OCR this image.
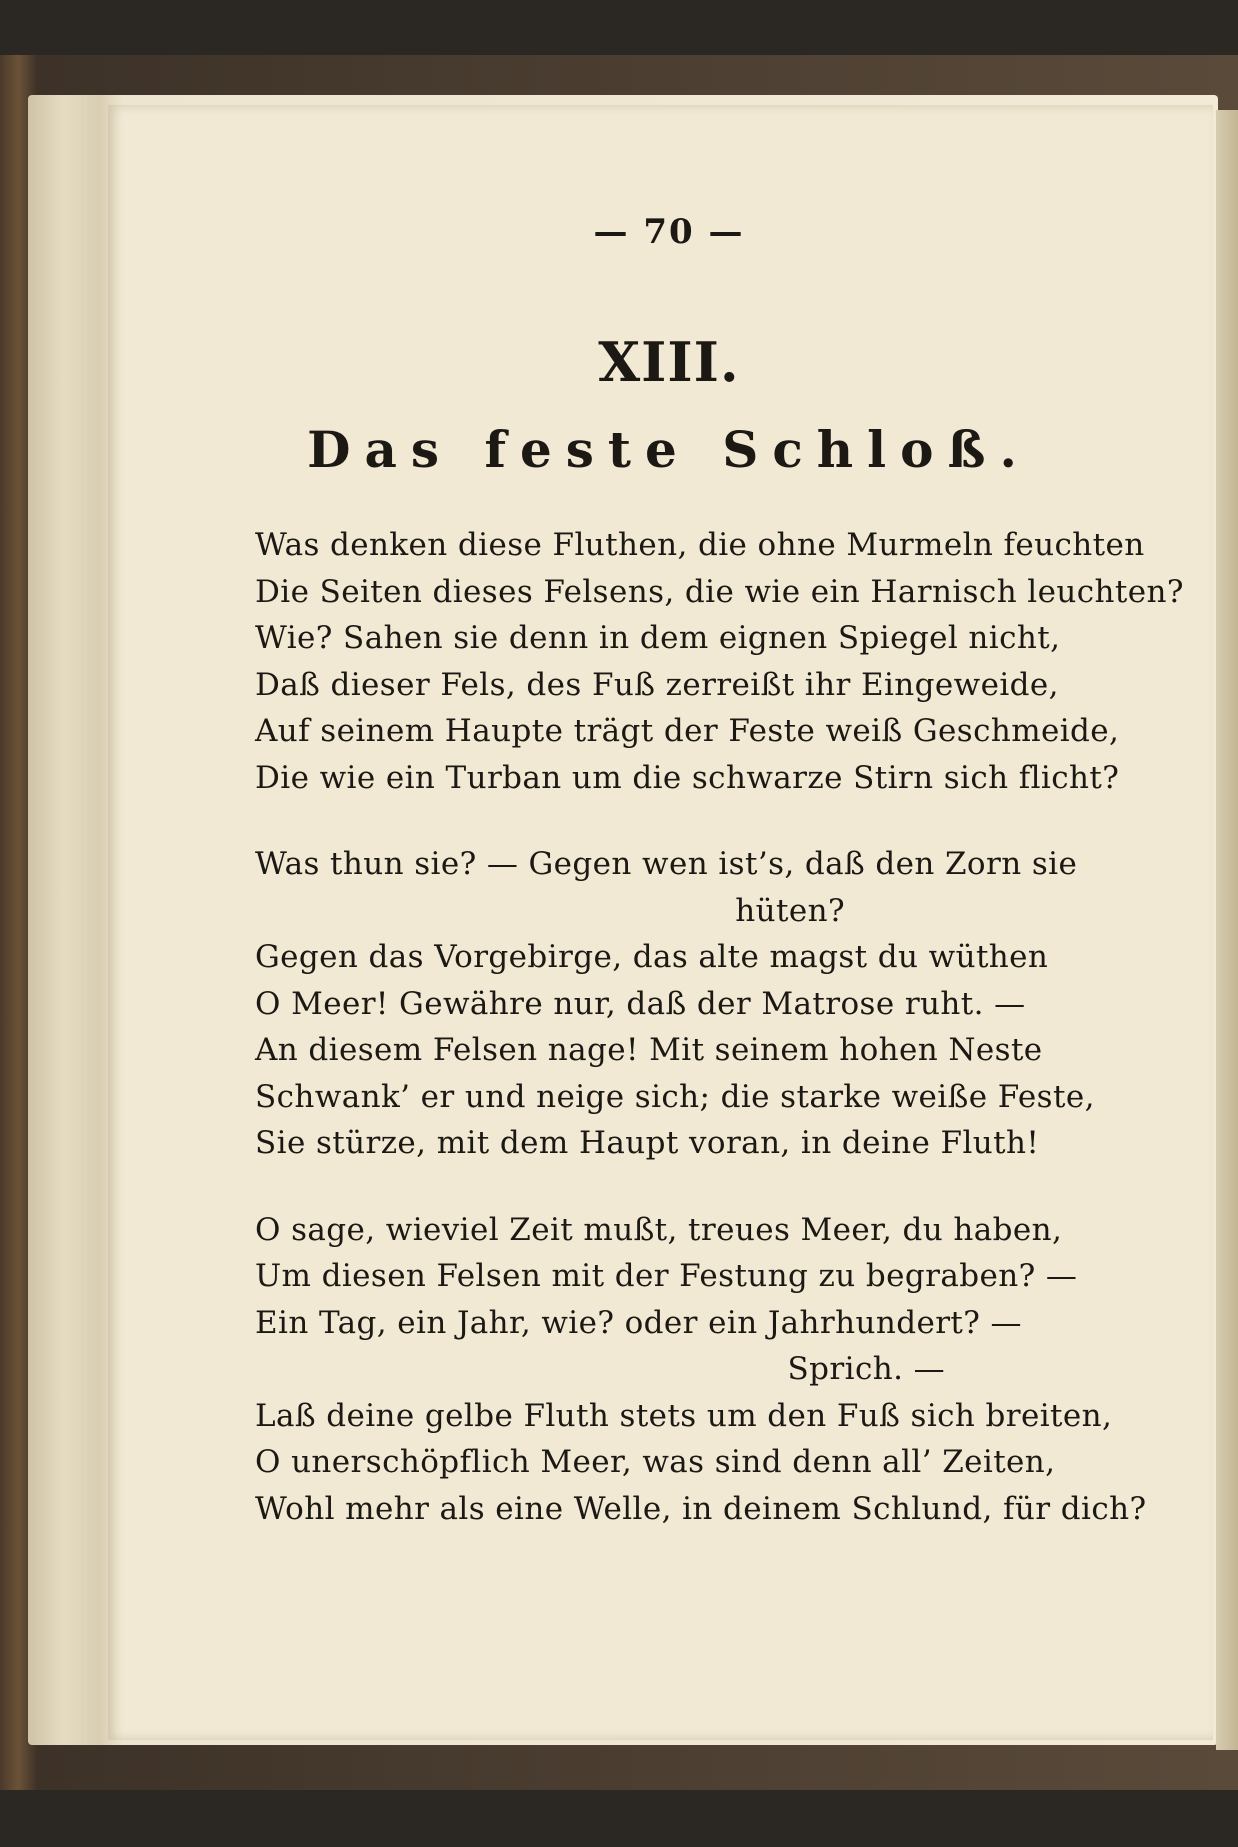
— 70 —
XIII.
Das feste Schloß.
Was denken diese Fluthen, die ohne Murmeln feuchten
Die Seiten dieses Felsens, die wie ein Harnisch leuchten?
Wie? Sahen sie denn in dem eignen Spiegel nicht,
Daß dieser Fels, des Fuß zerreißt ihr Eingeweide,
Auf seinem Haupte trägt der Feste weiß Geschmeide,
Die wie ein Turban um die schwarze Stirn sich flicht?
Was thun sie? — Gegen wen ist’s, daß den Zorn sie
hüten?
Gegen das Vorgebirge, das alte magst du wüthen
O Meer! Gewähre nur, daß der Matrose ruht. —
An diesem Felsen nage! Mit seinem hohen Neste
Schwank’ er und neige sich; die starke weiße Feste,
Sie stürze, mit dem Haupt voran, in deine Fluth!
O sage, wieviel Zeit mußt, treues Meer, du haben,
Um diesen Felsen mit der Festung zu begraben? —
Ein Tag, ein Jahr, wie? oder ein Jahrhundert? —
Sprich. —
Laß deine gelbe Fluth stets um den Fuß sich breiten,
O unerschöpflich Meer, was sind denn all’ Zeiten,
Wohl mehr als eine Welle, in deinem Schlund, für dich?
